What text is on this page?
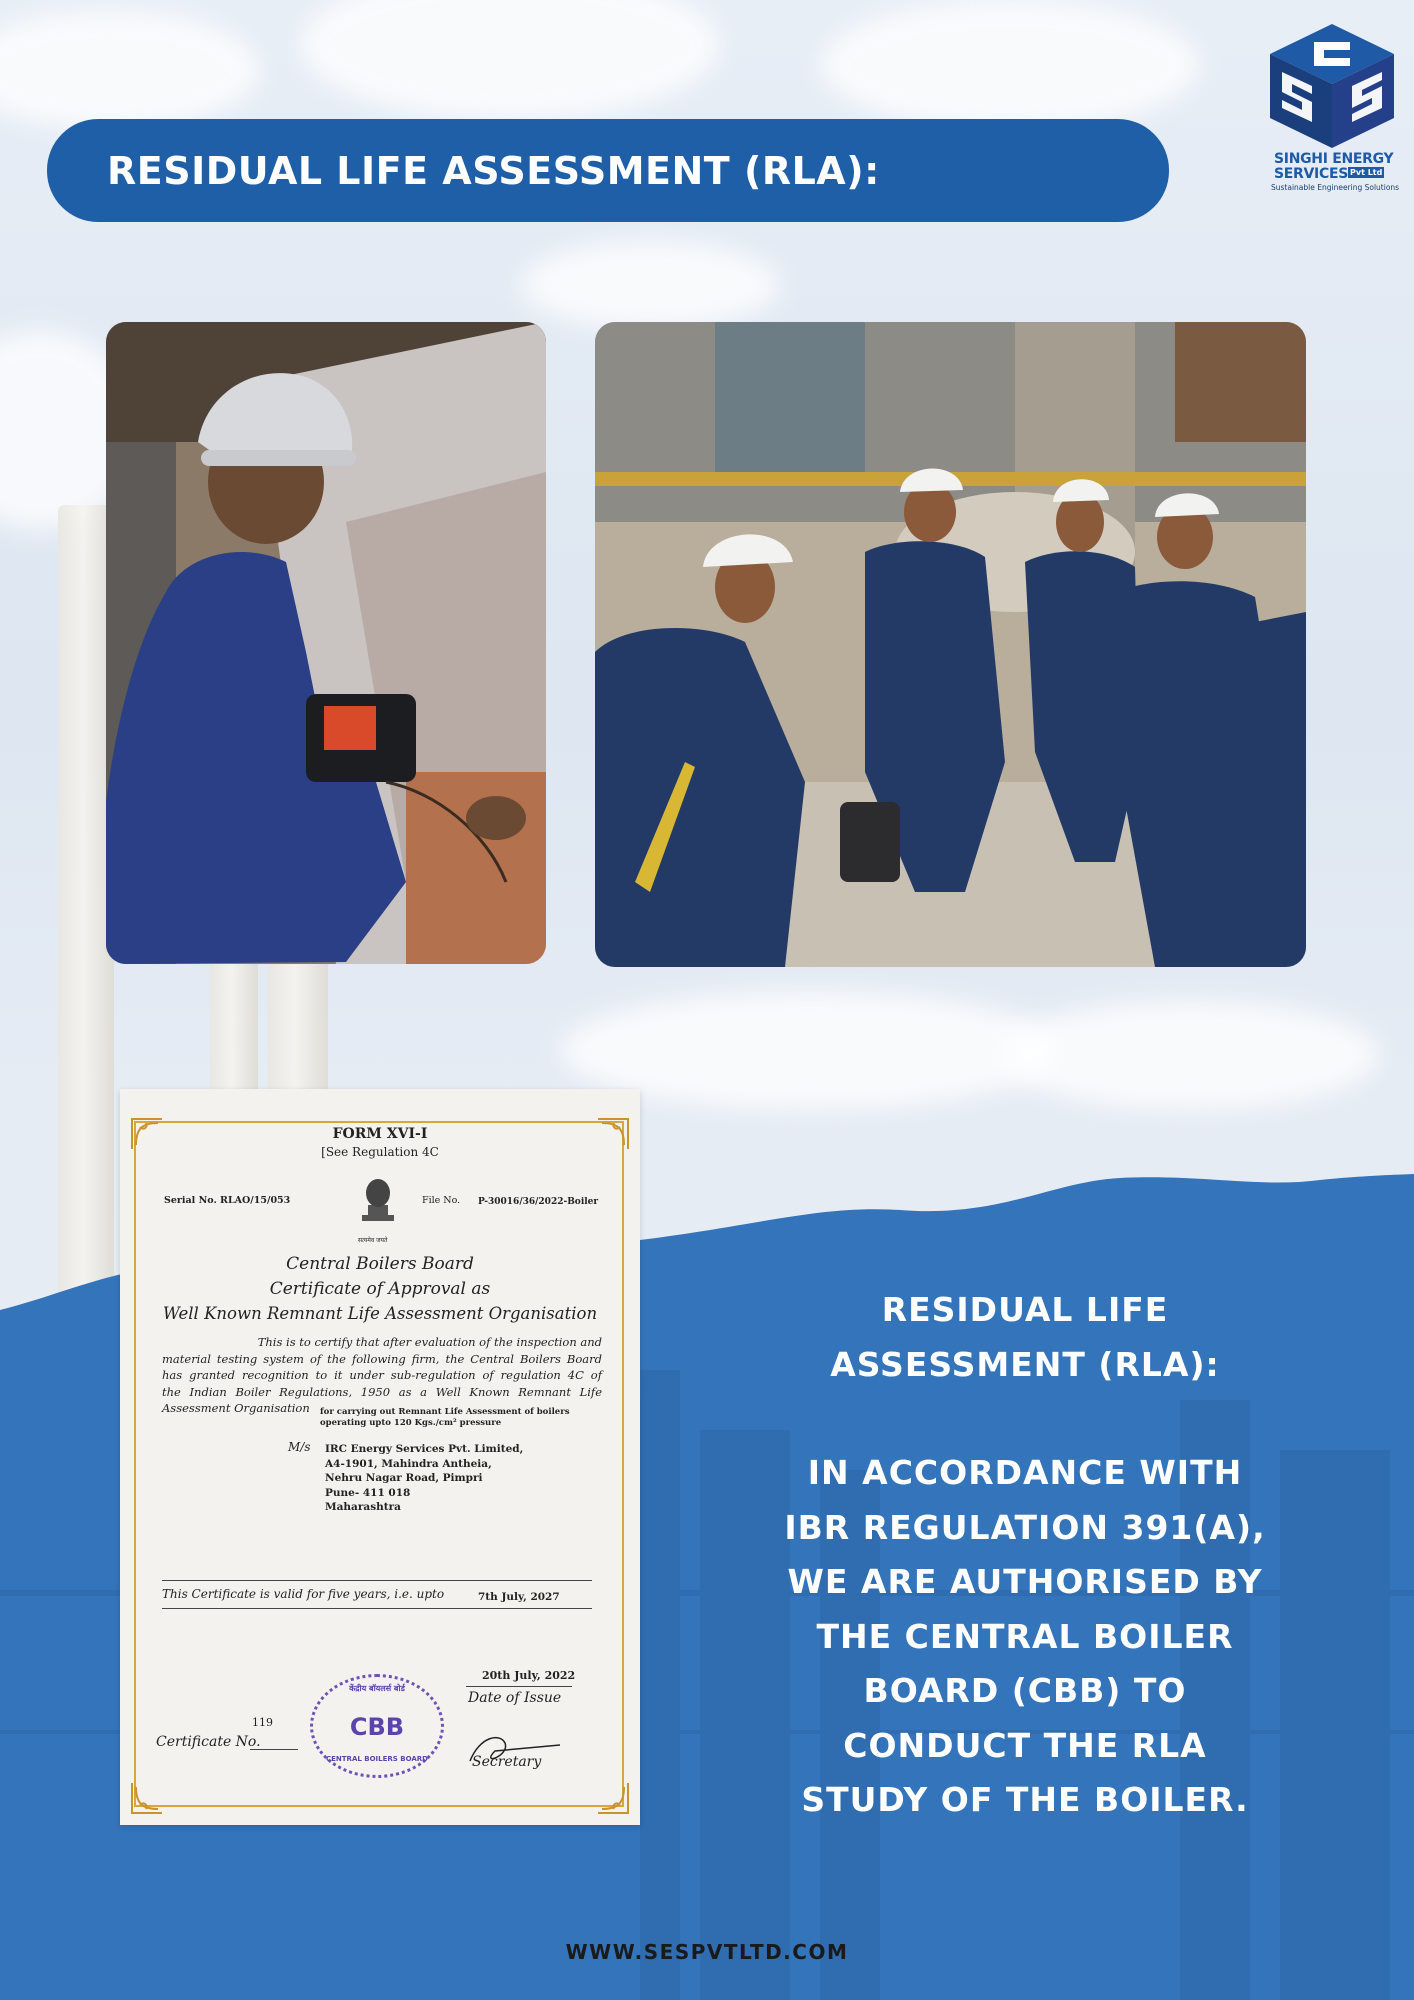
RESIDUAL LIFE ASSESSMENT (RLA):	SINGHI ENERGY
SERVICES Pvt Ltd
Sustainable Engineering Solutions
FORM XVI-I
[See Regulation 4C
Serial No. RLAO/15/053
सत्यमेव जयते
File No. P-30016/36/2022-Boiler
Central Boilers Board
Certificate of Approval as
Well Known Remnant Life Assessment Organisation
This is to certify that after evaluation of the inspection and
material testing system of the following firm, the Central Boilers Board
has granted recognition to it under sub-regulation of regulation 4C of
the Indian Boiler Regulations, 1950 as a Well Known Remnant Life
Assessment Organisation	for carrying out Remnant Life Assessment of boilers
operating upto 120 Kgs./cm² pressure
M/s IRC Energy Services Pvt. Limited,
A4-1901, Mahindra Antheia,
Nehru Nagar Road, Pimpri
Pune- 411 018
Maharashtra
This Certificate is valid for five years, i.e. upto	7th July, 2027
20th July, 2022
Date of Issue
119
Certificate No.
CBB
केंद्रीय बॉयलर्स बोर्ड
CENTRAL BOILERS BOARD	Secretary

RESIDUAL LIFE

ASSESSMENT (RLA):

IN ACCORDANCE WITH

IBR REGULATION 391(A),

WE ARE AUTHORISED BY

THE CENTRAL BOILER

BOARD (CBB) TO

CONDUCT THE RLA

STUDY OF THE BOILER.

WWW.SESPVTLTD.COM
